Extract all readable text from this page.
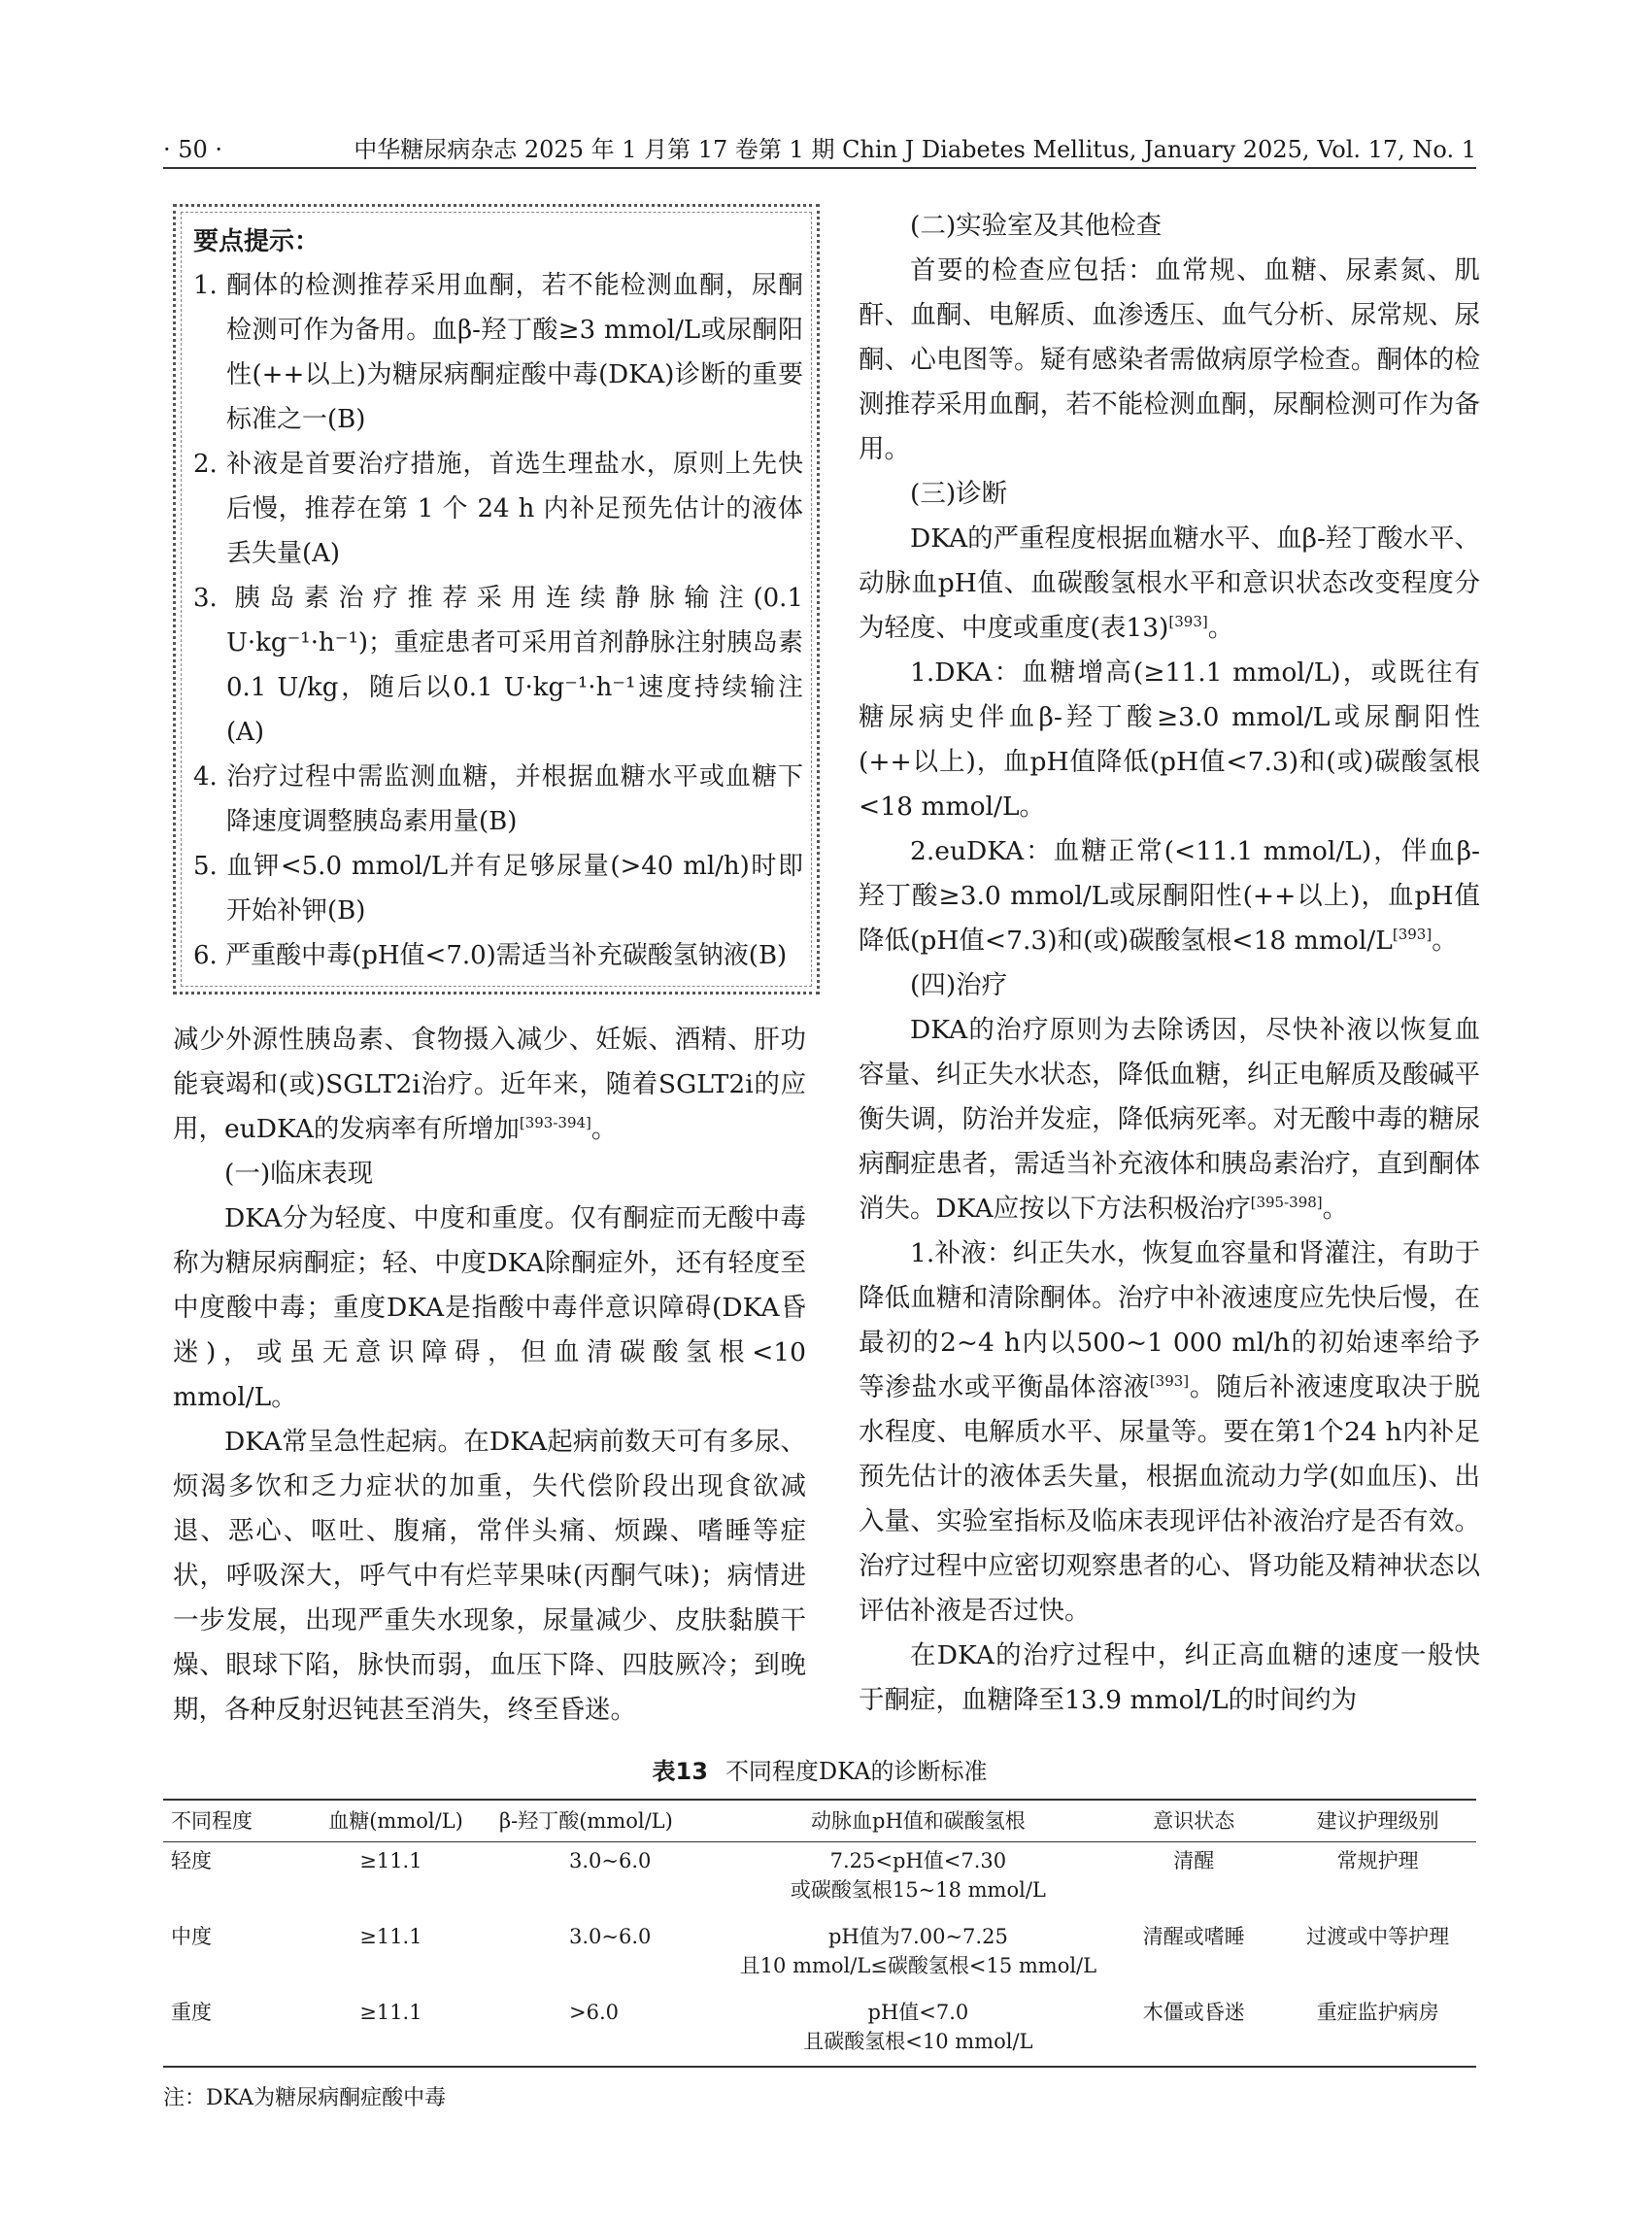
· 50 ·	中华糖尿病杂志 2025 年 1 月第 17 卷第 1 期 Chin J Diabetes Mellitus, January 2025, Vol. 17, No. 1
要点提示：
1. 酮体的检测推荐采用血酮，若不能检测血酮，尿酮检测可作为备用。血β-羟丁酸≥3 mmol/L或尿酮阳性(++以上)为糖尿病酮症酸中毒(DKA)诊断的重要标准之一(B)
2. 补液是首要治疗措施，首选生理盐水，原则上先快后慢，推荐在第 1 个 24 h 内补足预先估计的液体丢失量(A)
3. 胰岛素治疗推荐采用连续静脉输注(0.1 U·kg⁻¹·h⁻¹)；重症患者可采用首剂静脉注射胰岛素0.1 U/kg，随后以0.1 U·kg⁻¹·h⁻¹速度持续输注(A)
4. 治疗过程中需监测血糖，并根据血糖水平或血糖下降速度调整胰岛素用量(B)
5. 血钾<5.0 mmol/L并有足够尿量(>40 ml/h)时即开始补钾(B)
6. 严重酸中毒(pH值<7.0)需适当补充碳酸氢钠液(B)

减少外源性胰岛素、食物摄入减少、妊娠、酒精、肝功能衰竭和(或)SGLT2i治疗。近年来，随着SGLT2i的应用，euDKA的发病率有所增加[393-394]。

(一)临床表现

DKA分为轻度、中度和重度。仅有酮症而无酸中毒称为糖尿病酮症；轻、中度DKA除酮症外，还有轻度至中度酸中毒；重度DKA是指酸中毒伴意识障碍(DKA昏迷)，或虽无意识障碍，但血清碳酸氢根<10 mmol/L。

DKA常呈急性起病。在DKA起病前数天可有多尿、烦渴多饮和乏力症状的加重，失代偿阶段出现食欲减退、恶心、呕吐、腹痛，常伴头痛、烦躁、嗜睡等症状，呼吸深大，呼气中有烂苹果味(丙酮气味)；病情进一步发展，出现严重失水现象，尿量减少、皮肤黏膜干燥、眼球下陷，脉快而弱，血压下降、四肢厥冷；到晚期，各种反射迟钝甚至消失，终至昏迷。

(二)实验室及其他检查

首要的检查应包括：血常规、血糖、尿素氮、肌酐、血酮、电解质、血渗透压、血气分析、尿常规、尿酮、心电图等。疑有感染者需做病原学检查。酮体的检测推荐采用血酮，若不能检测血酮，尿酮检测可作为备用。

(三)诊断

DKA的严重程度根据血糖水平、血β-羟丁酸水平、动脉血pH值、血碳酸氢根水平和意识状态改变程度分为轻度、中度或重度(表13)[393]。

1.DKA：血糖增高(≥11.1 mmol/L)，或既往有糖尿病史伴血β-羟丁酸≥3.0 mmol/L或尿酮阳性(++以上)，血pH值降低(pH值<7.3)和(或)碳酸氢根<18 mmol/L。

2.euDKA：血糖正常(<11.1 mmol/L)，伴血β-羟丁酸≥3.0 mmol/L或尿酮阳性(++以上)，血pH值降低(pH值<7.3)和(或)碳酸氢根<18 mmol/L[393]。

(四)治疗

DKA的治疗原则为去除诱因，尽快补液以恢复血容量、纠正失水状态，降低血糖，纠正电解质及酸碱平衡失调，防治并发症，降低病死率。对无酸中毒的糖尿病酮症患者，需适当补充液体和胰岛素治疗，直到酮体消失。DKA应按以下方法积极治疗[395-398]。

1.补液：纠正失水，恢复血容量和肾灌注，有助于降低血糖和清除酮体。治疗中补液速度应先快后慢，在最初的2~4 h内以500~1 000 ml/h的初始速率给予等渗盐水或平衡晶体溶液[393]。随后补液速度取决于脱水程度、电解质水平、尿量等。要在第1个24 h内补足预先估计的液体丢失量，根据血流动力学(如血压)、出入量、实验室指标及临床表现评估补液治疗是否有效。治疗过程中应密切观察患者的心、肾功能及精神状态以评估补液是否过快。

在DKA的治疗过程中，纠正高血糖的速度一般快于酮症，血糖降至13.9 mmol/L的时间约为

表13 不同程度DKA的诊断标准
不同程度	血糖(mmol/L)	β-羟丁酸(mmol/L)	动脉血pH值和碳酸氢根	意识状态	建议护理级别
轻度	≥11.1	3.0~6.0	7.25<pH值<7.30
或碳酸氢根15~18 mmol/L	清醒	常规护理
中度	≥11.1	3.0~6.0	pH值为7.00~7.25
且10 mmol/L≤碳酸氢根<15 mmol/L	清醒或嗜睡	过渡或中等护理
重度	≥11.1	>6.0	pH值<7.0
且碳酸氢根<10 mmol/L	木僵或昏迷	重症监护病房
注：DKA为糖尿病酮症酸中毒
